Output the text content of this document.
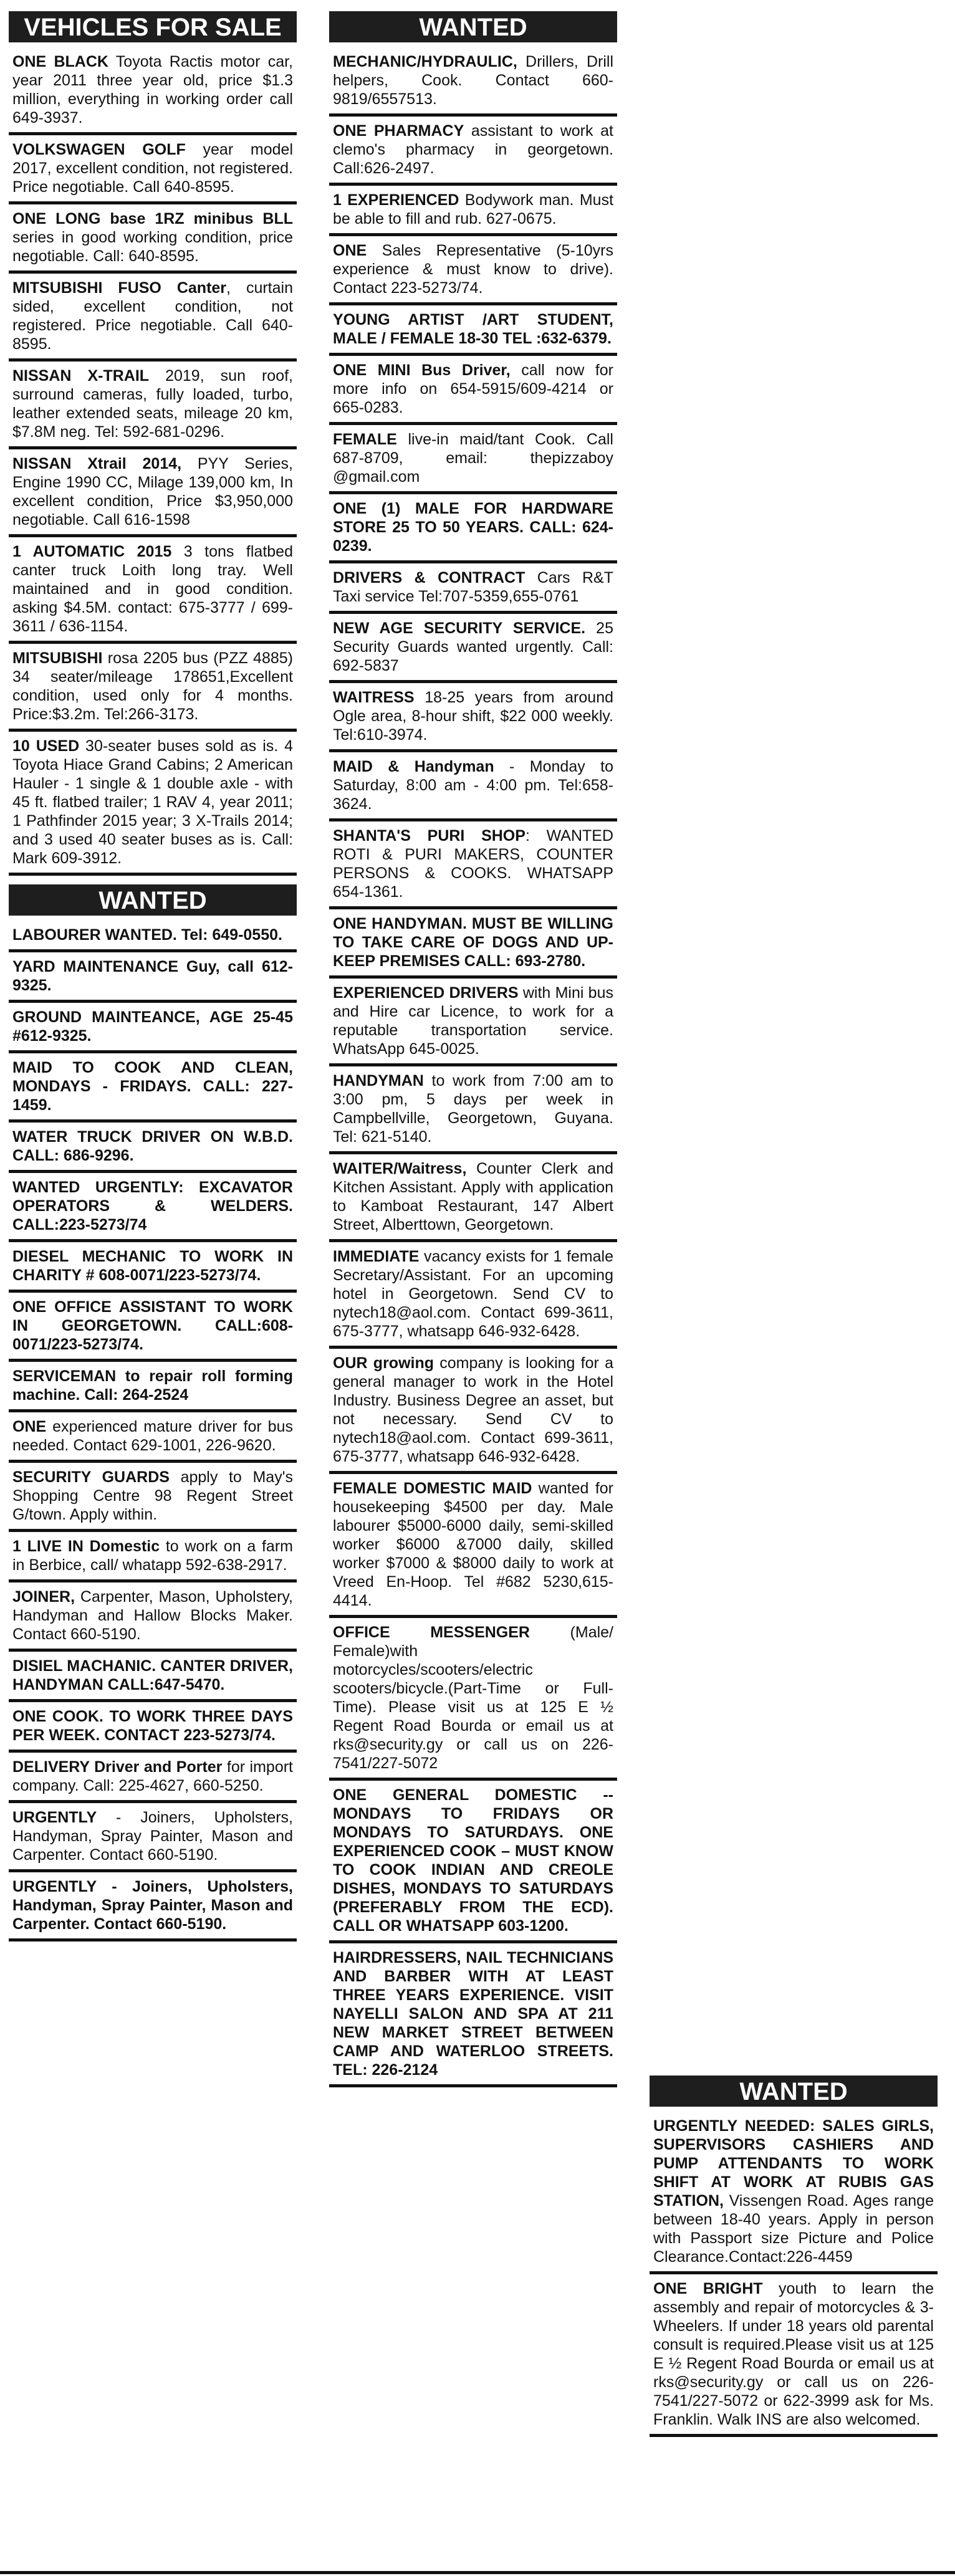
VEHICLES FOR SALE
ONE BLACK Toyota Ractis motor car, year 2011 three year old, price $1.3 million, everything in working order call 649-3937.
VOLKSWAGEN GOLF year model 2017, excellent condition, not registered. Price negotiable. Call 640-8595.
ONE LONG base 1RZ minibus BLL series in good working condition, price negotiable. Call: 640-8595.
MITSUBISHI FUSO Canter, curtain sided, excellent condition, not registered. Price negotiable. Call 640-8595.
NISSAN X-TRAIL 2019, sun roof, surround cameras, fully loaded, turbo, leather extended seats, mileage 20 km, $7.8M neg. Tel: 592-681-0296.
NISSAN Xtrail 2014, PYY Series, Engine 1990 CC, Milage 139,000 km, In excellent condition, Price $3,950,000 negotiable. Call 616-1598
1 AUTOMATIC 2015 3 tons flatbed canter truck Loith long tray. Well maintained and in good condition. asking $4.5M. contact: 675-3777 / 699-3611 / 636-1154.
MITSUBISHI rosa 2205 bus (PZZ 4885) 34 seater/mileage 178651,Excellent condition, used only for 4 months. Price:$3.2m. Tel:266-3173.
10 USED 30-seater buses sold as is. 4 Toyota Hiace Grand Cabins; 2 American Hauler - 1 single & 1 double axle - with 45 ft. flatbed trailer; 1 RAV 4, year 2011; 1 Pathfinder 2015 year; 3 X-Trails 2014; and 3 used 40 seater buses as is. Call: Mark 609-3912.
WANTED
LABOURER WANTED. Tel: 649-0550.
YARD MAINTENANCE Guy, call 612-9325.
GROUND MAINTEANCE, AGE 25-45 #612-9325.
MAID TO COOK AND CLEAN, MONDAYS - FRIDAYS. CALL: 227-1459.
WATER TRUCK DRIVER ON W.B.D. CALL: 686-9296.
WANTED URGENTLY: EXCAVATOR OPERATORS & WELDERS. CALL:223-5273/74
DIESEL MECHANIC TO WORK IN CHARITY # 608-0071/223-5273/74.
ONE OFFICE ASSISTANT TO WORK IN GEORGETOWN. CALL:608-0071/223-5273/74.
SERVICEMAN to repair roll forming machine. Call: 264-2524
ONE experienced mature driver for bus needed. Contact 629-1001, 226-9620.
SECURITY GUARDS apply to May's Shopping Centre 98 Regent Street G/town. Apply within.
1 LIVE IN Domestic to work on a farm in Berbice, call/ whatapp 592-638-2917.
JOINER, Carpenter, Mason, Upholstery, Handyman and Hallow Blocks Maker. Contact 660-5190.
DISIEL MACHANIC. CANTER DRIVER, HANDYMAN CALL:647-5470.
ONE COOK. TO WORK THREE DAYS PER WEEK. CONTACT 223-5273/74.
DELIVERY Driver and Porter for import company. Call: 225-4627, 660-5250.
URGENTLY - Joiners, Upholsters, Handyman, Spray Painter, Mason and Carpenter. Contact 660-5190.
URGENTLY - Joiners, Upholsters, Handyman, Spray Painter, Mason and Carpenter. Contact 660-5190.
WANTED
MECHANIC/HYDRAULIC, Drillers, Drill helpers, Cook. Contact 660-9819/6557513.
ONE PHARMACY assistant to work at clemo's pharmacy in georgetown. Call:626-2497.
1 EXPERIENCED Bodywork man. Must be able to fill and rub. 627-0675.
ONE Sales Representative (5-10yrs experience & must know to drive). Contact 223-5273/74.
YOUNG ARTIST /ART STUDENT, MALE / FEMALE 18-30 TEL :632-6379.
ONE MINI Bus Driver, call now for more info on 654-5915/609-4214 or 665-0283.
FEMALE live-in maid/tant Cook. Call 687-8709, email: thepizzaboy @gmail.com
ONE (1) MALE FOR HARDWARE STORE 25 TO 50 YEARS. CALL: 624-0239.
DRIVERS & CONTRACT Cars R&T Taxi service Tel:707-5359,655-0761
NEW AGE SECURITY SERVICE. 25 Security Guards wanted urgently. Call: 692-5837
WAITRESS 18-25 years from around Ogle area, 8-hour shift, $22 000 weekly. Tel:610-3974.
MAID & Handyman - Monday to Saturday, 8:00 am - 4:00 pm. Tel:658-3624.
SHANTA'S PURI SHOP: WANTED ROTI & PURI MAKERS, COUNTER PERSONS & COOKS. WHATSAPP 654-1361.
ONE HANDYMAN. MUST BE WILLING TO TAKE CARE OF DOGS AND UP-KEEP PREMISES CALL: 693-2780.
EXPERIENCED DRIVERS with Mini bus and Hire car Licence, to work for a reputable transportation service. WhatsApp 645-0025.
HANDYMAN to work from 7:00 am to 3:00 pm, 5 days per week in Campbellville, Georgetown, Guyana. Tel: 621-5140.
WAITER/Waitress, Counter Clerk and Kitchen Assistant. Apply with application to Kamboat Restaurant, 147 Albert Street, Alberttown, Georgetown.
IMMEDIATE vacancy exists for 1 female Secretary/Assistant. For an upcoming hotel in Georgetown. Send CV to nytech18@aol.com. Contact 699-3611, 675-3777, whatsapp 646-932-6428.
OUR growing company is looking for a general manager to work in the Hotel Industry. Business Degree an asset, but not necessary. Send CV to nytech18@aol.com. Contact 699-3611, 675-3777, whatsapp 646-932-6428.
FEMALE DOMESTIC MAID wanted for housekeeping $4500 per day. Male labourer $5000-6000 daily, semi-skilled worker $6000 &7000 daily, skilled worker $7000 & $8000 daily to work at Vreed En-Hoop. Tel #682 5230,615-4414.
OFFICE MESSENGER (Male/ Female)with motorcycles/scooters/electric scooters/bicycle.(Part-Time or Full-Time). Please visit us at 125 E ½ Regent Road Bourda or email us at rks@security.gy or call us on 226-7541/227-5072
ONE GENERAL DOMESTIC --MONDAYS TO FRIDAYS OR MONDAYS TO SATURDAYS. ONE EXPERIENCED COOK – MUST KNOW TO COOK INDIAN AND CREOLE DISHES, MONDAYS TO SATURDAYS (PREFERABLY FROM THE ECD). CALL OR WHATSAPP 603-1200.
HAIRDRESSERS, NAIL TECHNICIANS AND BARBER WITH AT LEAST THREE YEARS EXPERIENCE. VISIT NAYELLI SALON AND SPA AT 211 NEW MARKET STREET BETWEEN CAMP AND WATERLOO STREETS. TEL: 226-2124
WANTED
URGENTLY NEEDED: SALES GIRLS, SUPERVISORS CASHIERS AND PUMP ATTENDANTS TO WORK SHIFT AT WORK AT RUBIS GAS STATION, Vissengen Road. Ages range between 18-40 years. Apply in person with Passport size Picture and Police Clearance.Contact:226-4459
ONE BRIGHT youth to learn the assembly and repair of motorcycles & 3-Wheelers. If under 18 years old parental consult is required.Please visit us at 125 E ½ Regent Road Bourda or email us at rks@security.gy or call us on 226-7541/227-5072 or 622-3999 ask for Ms. Franklin. Walk INS are also welcomed.
